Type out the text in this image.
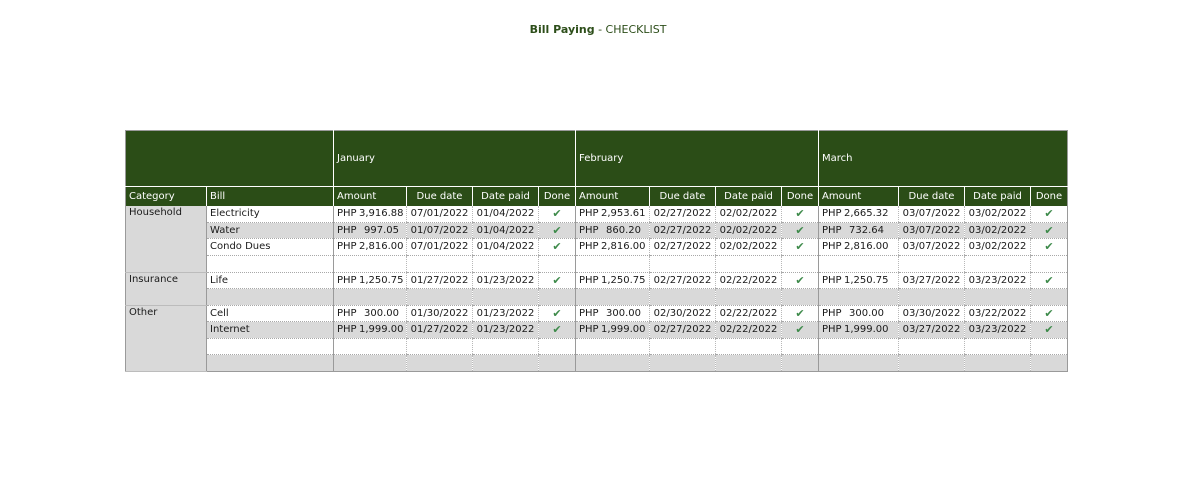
Bill Paying - CHECKLIST
		January				February				March			
Category	Bill	Amount	Due date	Date paid	Done	Amount	Due date	Date paid	Done	Amount	Due date	Date paid	Done
Household	Electricity	PHP 3,916.88	07/01/2022	01/04/2022	✔	PHP 2,953.61	02/27/2022	02/02/2022	✔	PHP 2,665.32	03/07/2022	03/02/2022	✔
	Water	PHP 997.05	01/07/2022	01/04/2022	✔	PHP 860.20	02/27/2022	02/02/2022	✔	PHP 732.64	03/07/2022	03/02/2022	✔
	Condo Dues	PHP 2,816.00	07/01/2022	01/04/2022	✔	PHP 2,816.00	02/27/2022	02/02/2022	✔	PHP 2,816.00	03/07/2022	03/02/2022	✔

Insurance	Life	PHP 1,250.75	01/27/2022	01/23/2022	✔	PHP 1,250.75	02/27/2022	02/22/2022	✔	PHP 1,250.75	03/27/2022	03/23/2022	✔

Other	Cell	PHP 300.00	01/30/2022	01/23/2022	✔	PHP 300.00	02/30/2022	02/22/2022	✔	PHP 300.00	03/30/2022	03/22/2022	✔
	Internet	PHP 1,999.00	01/27/2022	01/23/2022	✔	PHP 1,999.00	02/27/2022	02/22/2022	✔	PHP 1,999.00	03/27/2022	03/23/2022	✔
